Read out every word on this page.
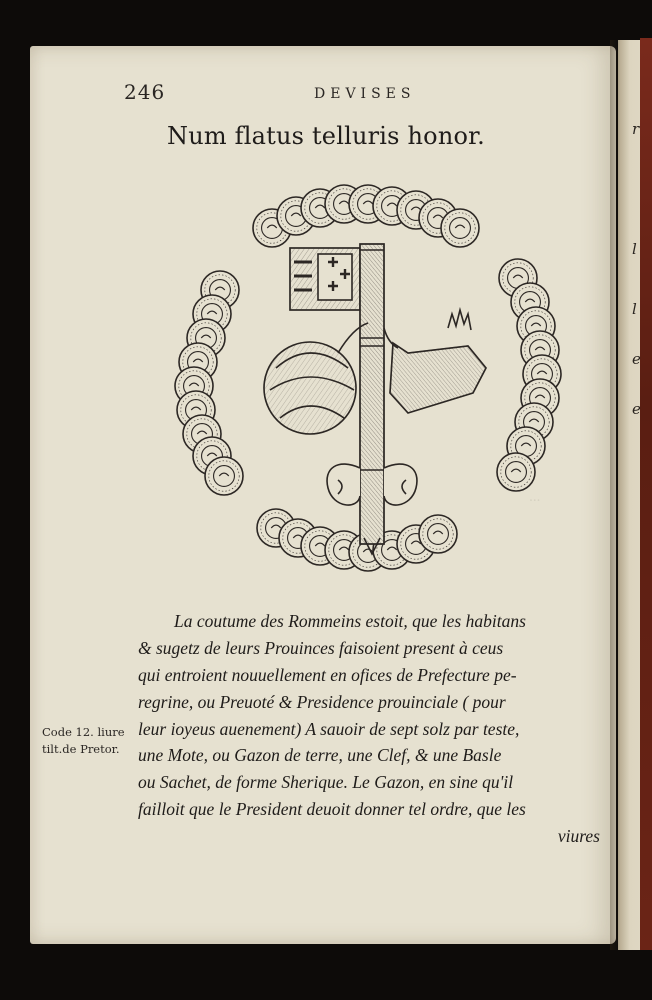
r
l
l
e
e
...
246	DEVISES
Num flatus telluris honor.
Code 12. liure
tilt.de Pretor.
La coutume des Rommeins estoit, que les habitans
& sugetz de leurs Prouinces faisoient present à ceus
qui entroient nouuellement en ofices de Prefecture pe-
regrine, ou Preuoté & Presidence prouinciale ( pour
leur ioyeus auenement) A sauoir de sept solz par teste,
une Mote, ou Gazon de terre, une Clef, & une Basle
ou Sachet, de forme Sherique. Le Gazon, en sine qu'il
failloit que le President deuoit donner tel ordre, que les
viures
